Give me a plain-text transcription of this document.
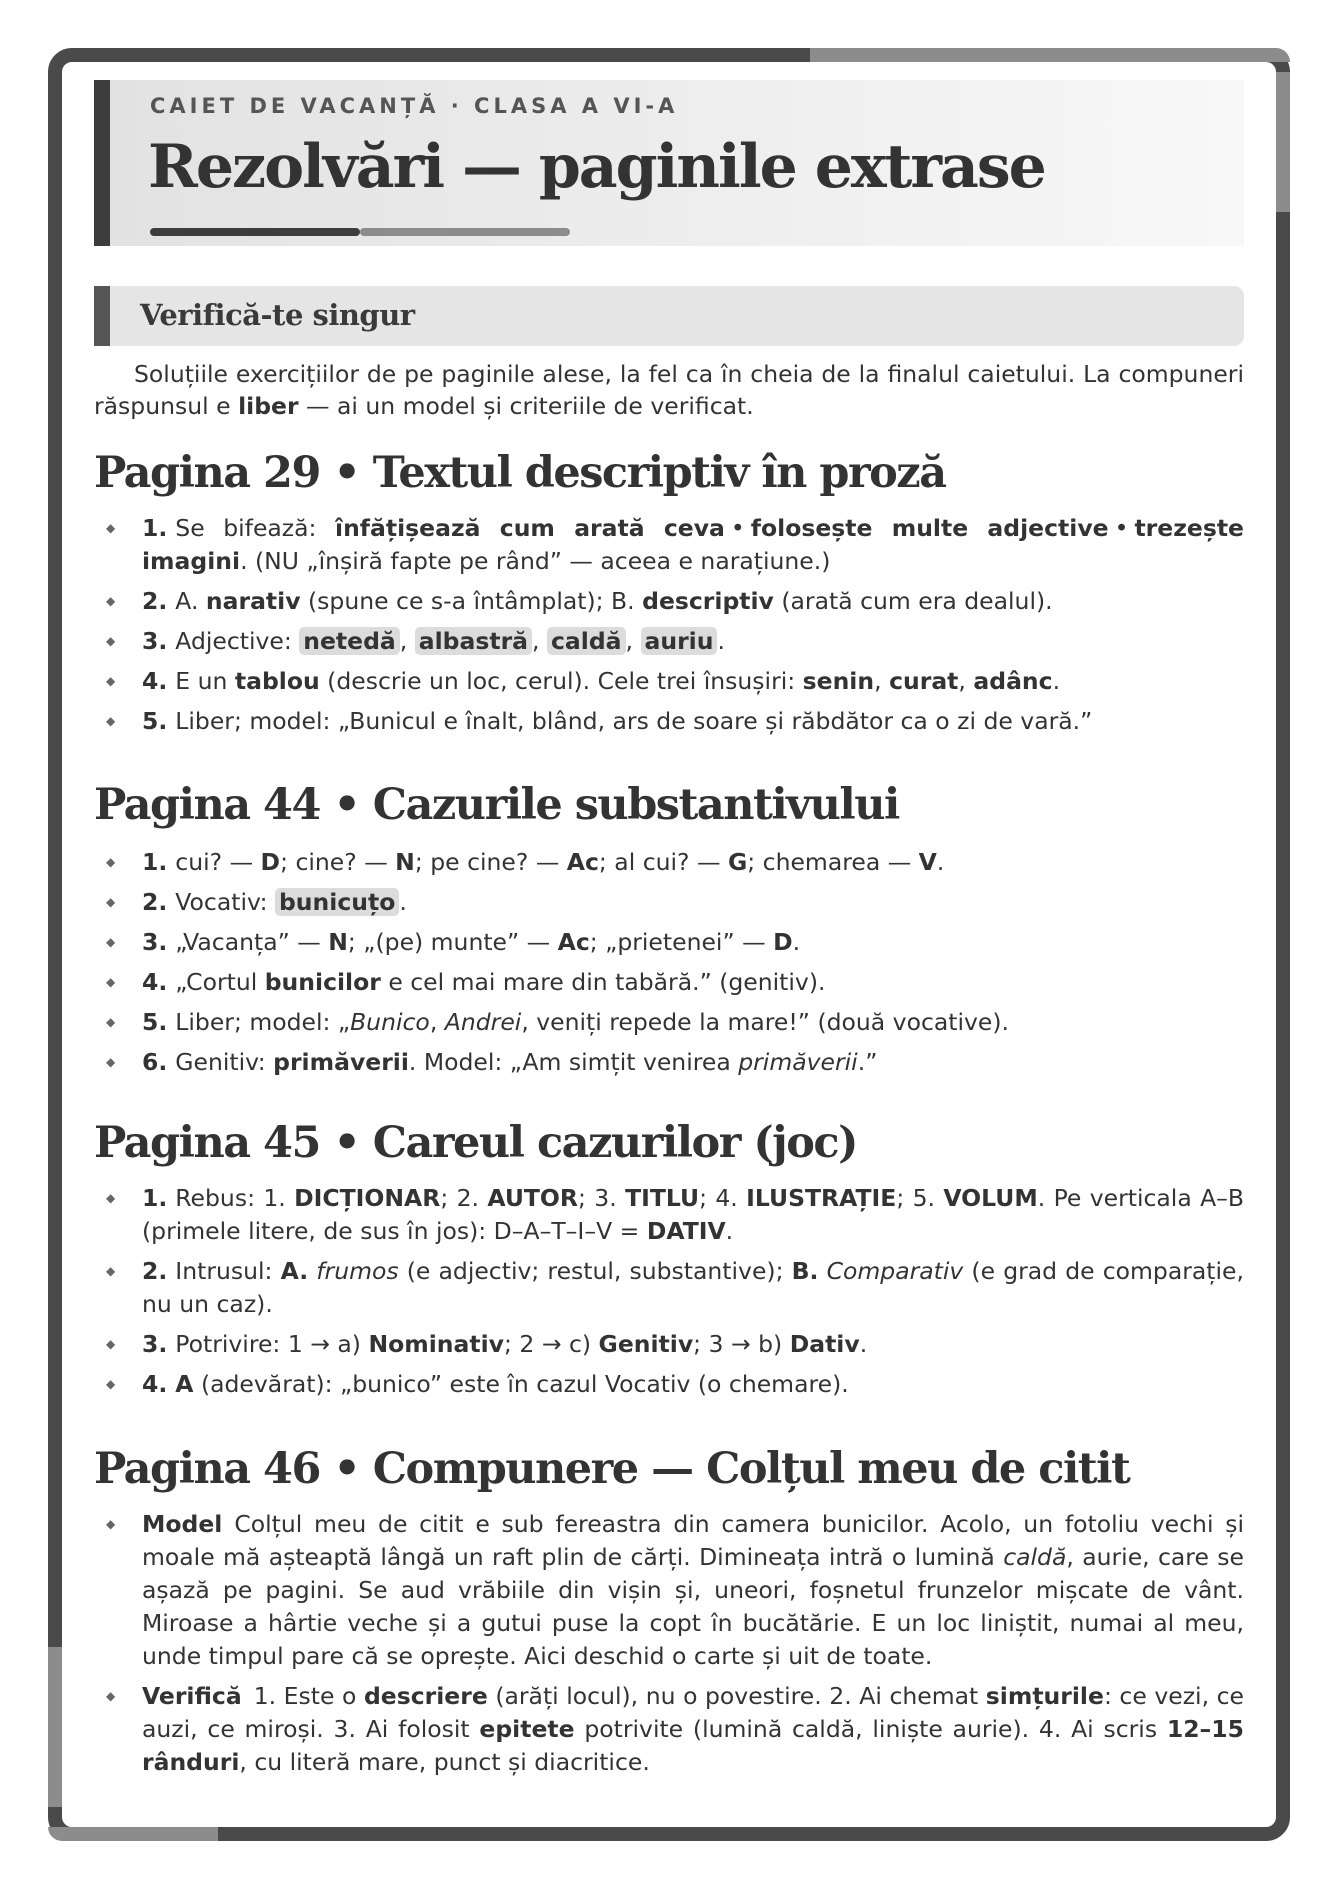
CAIET DE VACANȚĂ · CLASA A VI-A
Rezolvări — paginile extrase
Verifică-te singur

Soluțiile exercițiilor de pe paginile alese, la fel ca în cheia de la finalul caietului. La compuneri răspunsul e liber — ai un model și criteriile de verificat.

Pagina 29 • Textul descriptiv în proză
◆ 1. Se bifează: înfățișează cum arată ceva • folosește multe adjective • trezește imagini. (NU „înșiră fapte pe rând” — aceea e narațiune.)
◆ 2. A. narativ (spune ce s-a întâmplat); B. descriptiv (arată cum era dealul).
◆ 3. Adjective: netedă , albastră , caldă , auriu .
◆ 4. E un tablou (descrie un loc, cerul). Cele trei însușiri: senin, curat, adânc.
◆ 5. Liber; model: „Bunicul e înalt, blând, ars de soare și răbdător ca o zi de vară.”
Pagina 44 • Cazurile substantivului
◆ 1. cui? — D; cine? — N; pe cine? — Ac; al cui? — G; chemarea — V.
◆ 2. Vocativ: bunicuțo .
◆ 3. „Vacanța” — N; „(pe) munte” — Ac; „prietenei” — D.
◆ 4. „Cortul bunicilor e cel mai mare din tabără.” (genitiv).
◆ 5. Liber; model: „Bunico, Andrei, veniți repede la mare!” (două vocative).
◆ 6. Genitiv: primăverii. Model: „Am simțit venirea primăverii.”
Pagina 45 • Careul cazurilor (joc)
◆ 1. Rebus: 1. DICȚIONAR; 2. AUTOR; 3. TITLU; 4. ILUSTRAȚIE; 5. VOLUM. Pe verticala A–B (primele litere, de sus în jos): D–A–T–I–V = DATIV.
◆ 2. Intrusul: A. frumos (e adjectiv; restul, substantive); B. Comparativ (e grad de comparație, nu un caz).
◆ 3. Potrivire: 1 → a) Nominativ; 2 → c) Genitiv; 3 → b) Dativ.
◆ 4. A (adevărat): „bunico” este în cazul Vocativ (o chemare).
Pagina 46 • Compunere — Colțul meu de citit
◆ Model Colțul meu de citit e sub fereastra din camera bunicilor. Acolo, un fotoliu vechi și moale mă așteaptă lângă un raft plin de cărți. Dimineața intră o lumină caldă, aurie, care se așază pe pagini. Se aud vrăbiile din vișin și, uneori, foșnetul frunzelor mișcate de vânt. Miroase a hârtie veche și a gutui puse la copt în bucătărie. E un loc liniștit, numai al meu, unde timpul pare că se oprește. Aici deschid o carte și uit de toate.
◆ Verifică 1. Este o descriere (arăți locul), nu o povestire. 2. Ai chemat simțurile: ce vezi, ce auzi, ce miroși. 3. Ai folosit epitete potrivite (lumină caldă, liniște aurie). 4. Ai scris 12–15 rânduri, cu literă mare, punct și diacritice.
